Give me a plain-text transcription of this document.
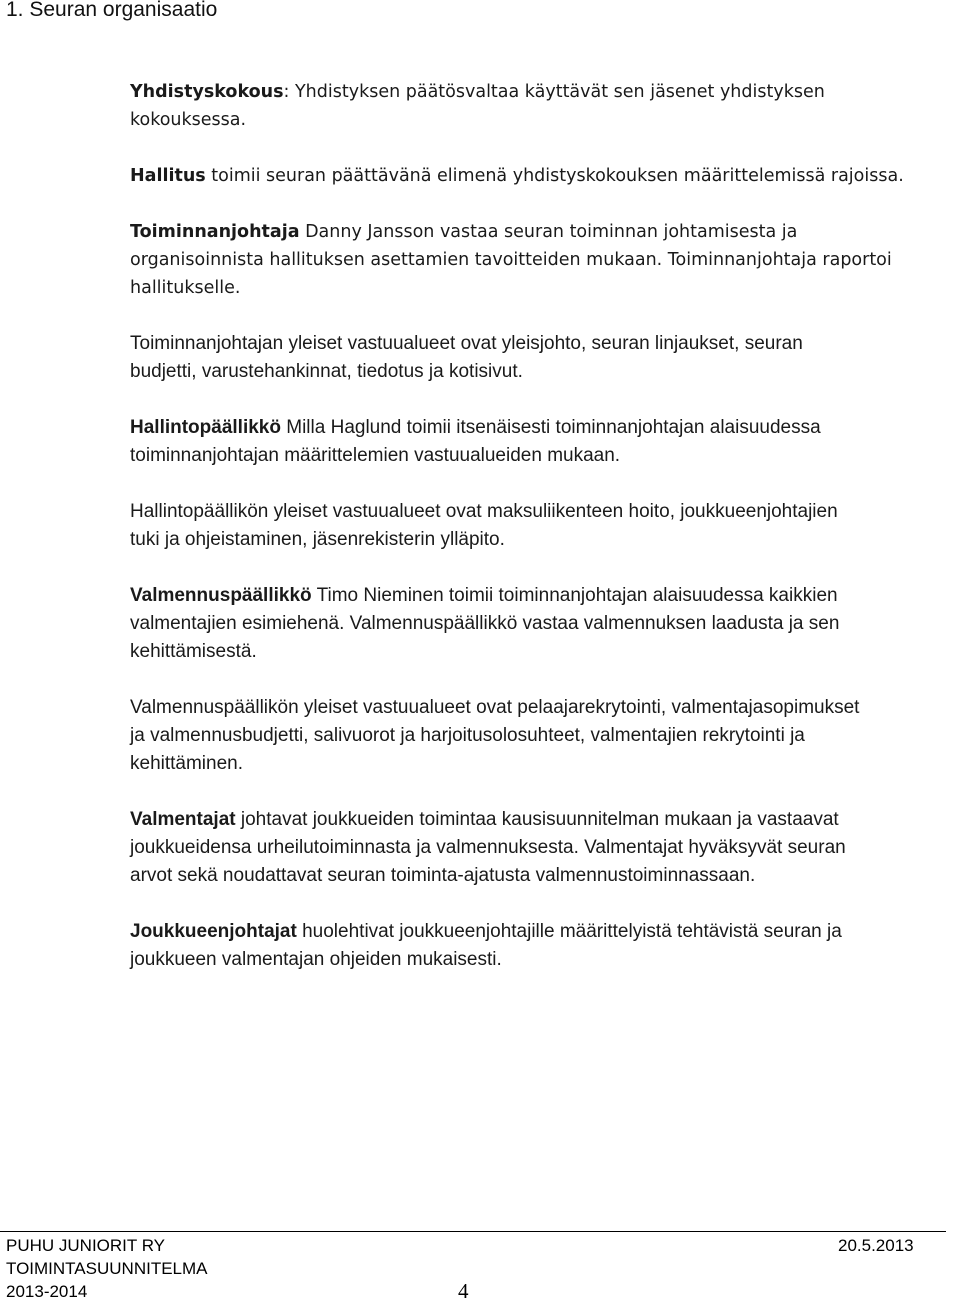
1. Seuran organisaatio
Yhdistyskokous: Yhdistyksen päätösvaltaa käyttävät sen jäsenet yhdistyksen
kokouksessa.
Hallitus toimii seuran päättävänä elimenä yhdistyskokouksen määrittelemissä rajoissa.
Toiminnanjohtaja Danny Jansson vastaa seuran toiminnan johtamisesta ja
organisoinnista hallituksen asettamien tavoitteiden mukaan. Toiminnanjohtaja raportoi
hallitukselle.
Toiminnanjohtajan yleiset vastuualueet ovat yleisjohto, seuran linjaukset, seuran
budjetti, varustehankinnat, tiedotus ja kotisivut.
Hallintopäällikkö Milla Haglund toimii itsenäisesti toiminnanjohtajan alaisuudessa
toiminnanjohtajan määrittelemien vastuualueiden mukaan.
Hallintopäällikön yleiset vastuualueet ovat maksuliikenteen hoito, joukkueenjohtajien
tuki ja ohjeistaminen, jäsenrekisterin ylläpito.
Valmennuspäällikkö Timo Nieminen toimii toiminnanjohtajan alaisuudessa kaikkien
valmentajien esimiehenä. Valmennuspäällikkö vastaa valmennuksen laadusta ja sen
kehittämisestä.
Valmennuspäällikön yleiset vastuualueet ovat pelaajarekrytointi, valmentajasopimukset
ja valmennusbudjetti, salivuorot ja harjoitusolosuhteet, valmentajien rekrytointi ja
kehittäminen.
Valmentajat johtavat joukkueiden toimintaa kausisuunnitelman mukaan ja vastaavat
joukkueidensa urheilutoiminnasta ja valmennuksesta. Valmentajat hyväksyvät seuran
arvot sekä noudattavat seuran toiminta-ajatusta valmennustoiminnassaan.
Joukkueenjohtajat huolehtivat joukkueenjohtajille määrittelyistä tehtävistä seuran ja
joukkueen valmentajan ohjeiden mukaisesti.
PUHU JUNIORIT RY
TOIMINTASUUNNITELMA
2013-2014	4
20.5.2013
